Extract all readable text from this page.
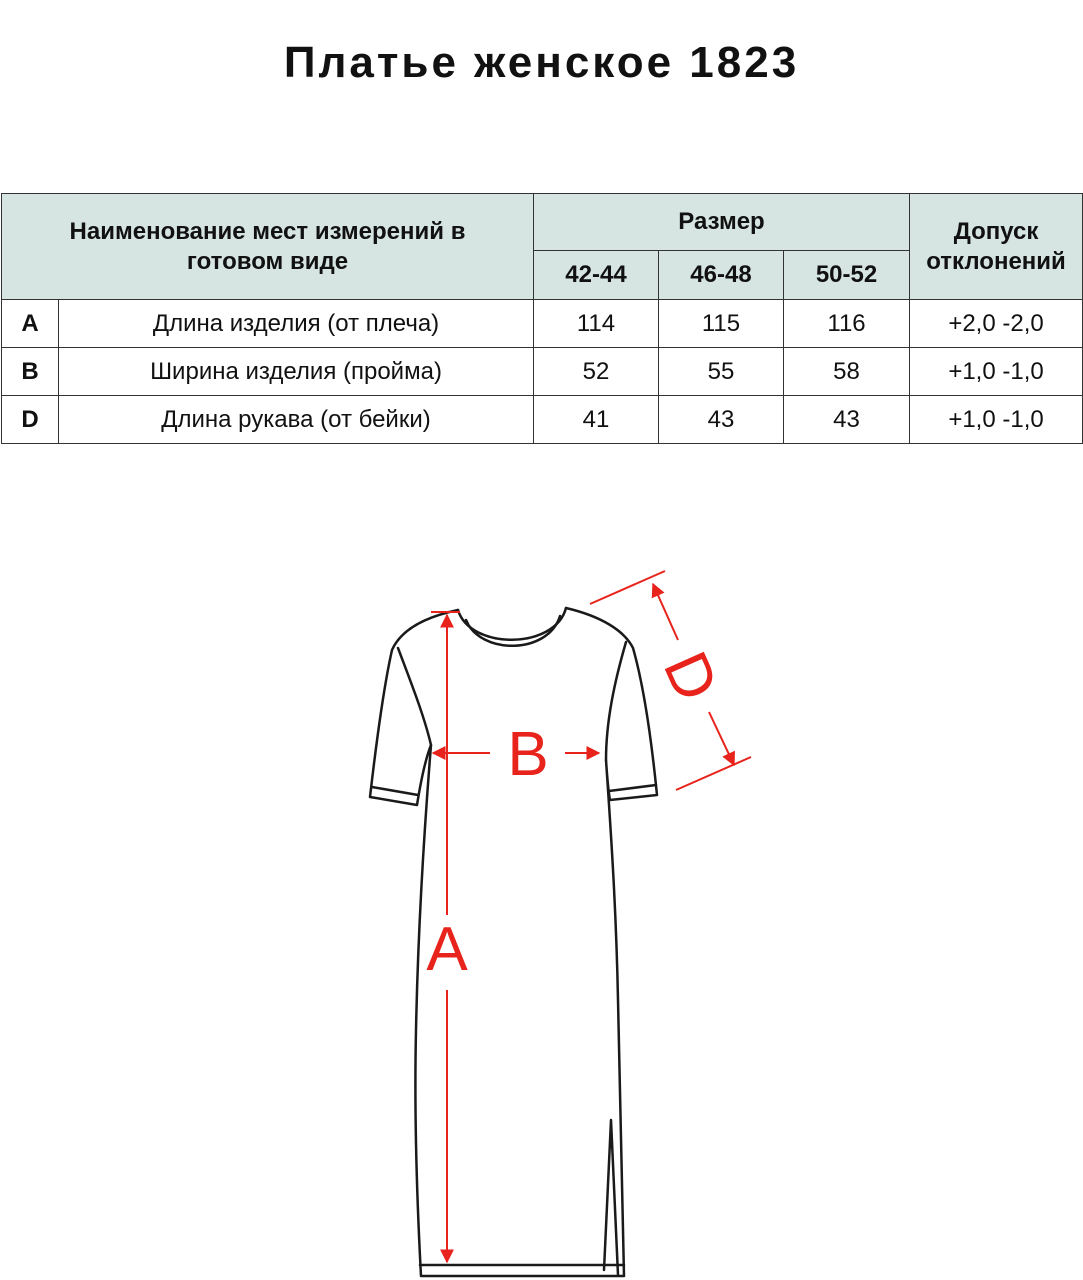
Платье женское 1823
Наименование мест измерений в готовом виде		Размер			Допуск отклонений
		42-44	46-48	50-52	
A	Длина изделия (от плеча)	114	115	116	+2,0 -2,0
B	Ширина изделия (пройма)	52	55	58	+1,0 -1,0
D	Длина рукава (от бейки)	41	43	43	+1,0 -1,0
A
B
D
